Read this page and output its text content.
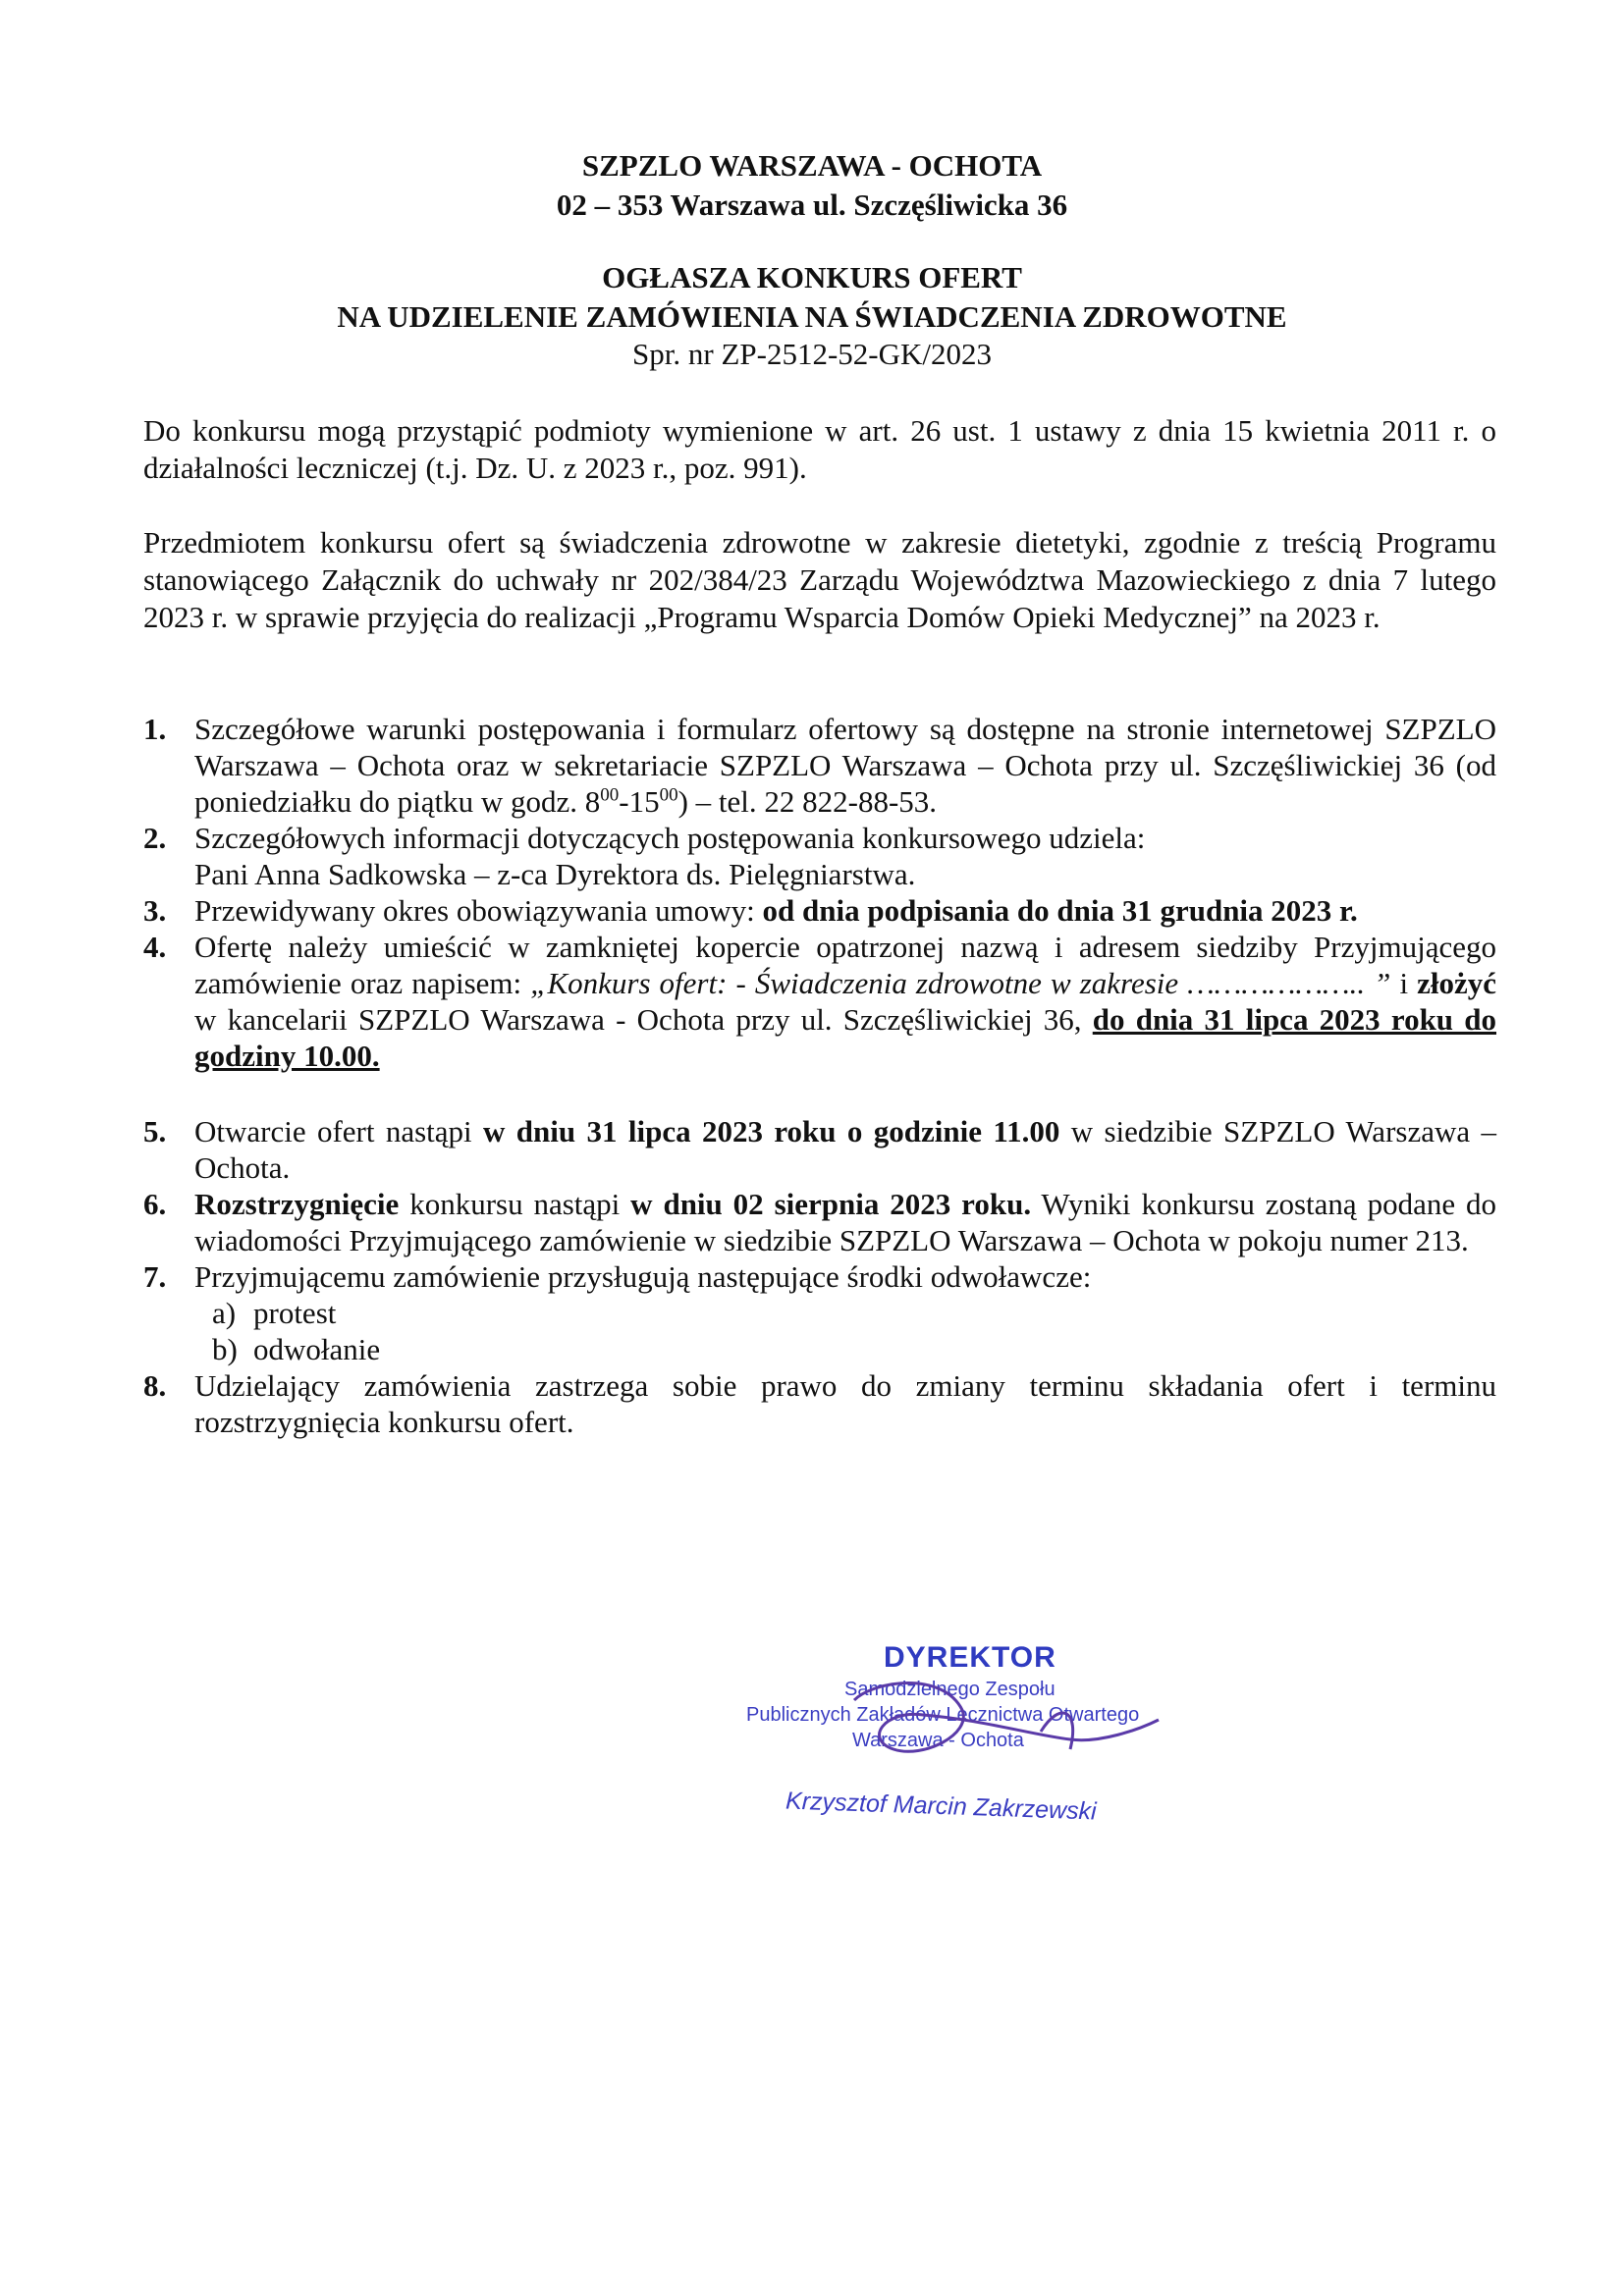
SZPZLO WARSZAWA - OCHOTA
02 – 353 Warszawa ul. Szczęśliwicka 36
OGŁASZA KONKURS OFERT
NA UDZIELENIE ZAMÓWIENIA NA ŚWIADCZENIA ZDROWOTNE
Spr. nr ZP-2512-52-GK/2023
Do konkursu mogą przystąpić podmioty wymienione w art. 26 ust. 1 ustawy z dnia 15 kwietnia 2011 r. o działalności leczniczej (t.j. Dz. U. z 2023 r., poz. 991).
Przedmiotem konkursu ofert są świadczenia zdrowotne w zakresie dietetyki, zgodnie z treścią Programu stanowiącego Załącznik do uchwały nr 202/384/23 Zarządu Województwa Mazowieckiego z dnia 7 lutego 2023 r. w sprawie przyjęcia do realizacji „Programu Wsparcia Domów Opieki Medycznej” na 2023 r.

1. Szczegółowe warunki postępowania i formularz ofertowy są dostępne na stronie internetowej SZPZLO Warszawa – Ochota oraz w sekretariacie SZPZLO Warszawa – Ochota przy ul. Szczęśliwickiej 36 (od poniedziałku do piątku w godz. $8^{00}-15^{00}$) – tel. 22 822-88-53.

2. Szczegółowych informacji dotyczących postępowania konkursowego udziela:
Pani Anna Sadkowska – z-ca Dyrektora ds. Pielęgniarstwa.

3. Przewidywany okres obowiązywania umowy: od dnia podpisania do dnia 31 grudnia 2023 r.

4. Ofertę należy umieścić w zamkniętej kopercie opatrzonej nazwą i adresem siedziby Przyjmującego zamówienie oraz napisem: „Konkurs ofert: - Świadczenia zdrowotne w zakresie ……………….. ” i złożyć w kancelarii SZPZLO Warszawa - Ochota przy ul. Szczęśliwickiej 36, do dnia 31 lipca 2023 roku do godziny 10.00.

5. Otwarcie ofert nastąpi w dniu 31 lipca 2023 roku o godzinie 11.00 w siedzibie SZPZLO Warszawa – Ochota.

6. Rozstrzygnięcie konkursu nastąpi w dniu 02 sierpnia 2023 roku. Wyniki konkursu zostaną podane do wiadomości Przyjmującego zamówienie w siedzibie SZPZLO Warszawa – Ochota w pokoju numer 213.

7. Przyjmującemu zamówienie przysługują następujące środki odwoławcze:
a) protest
b) odwołanie

8. Udzielający zamówienia zastrzega sobie prawo do zmiany terminu składania ofert i terminu rozstrzygnięcia konkursu ofert.

DYREKTOR
Samodzielnego Zespołu
Publicznych Zakładów Lecznictwa Otwartego
Warszawa - Ochota
Krzysztof Marcin Zakrzewski
